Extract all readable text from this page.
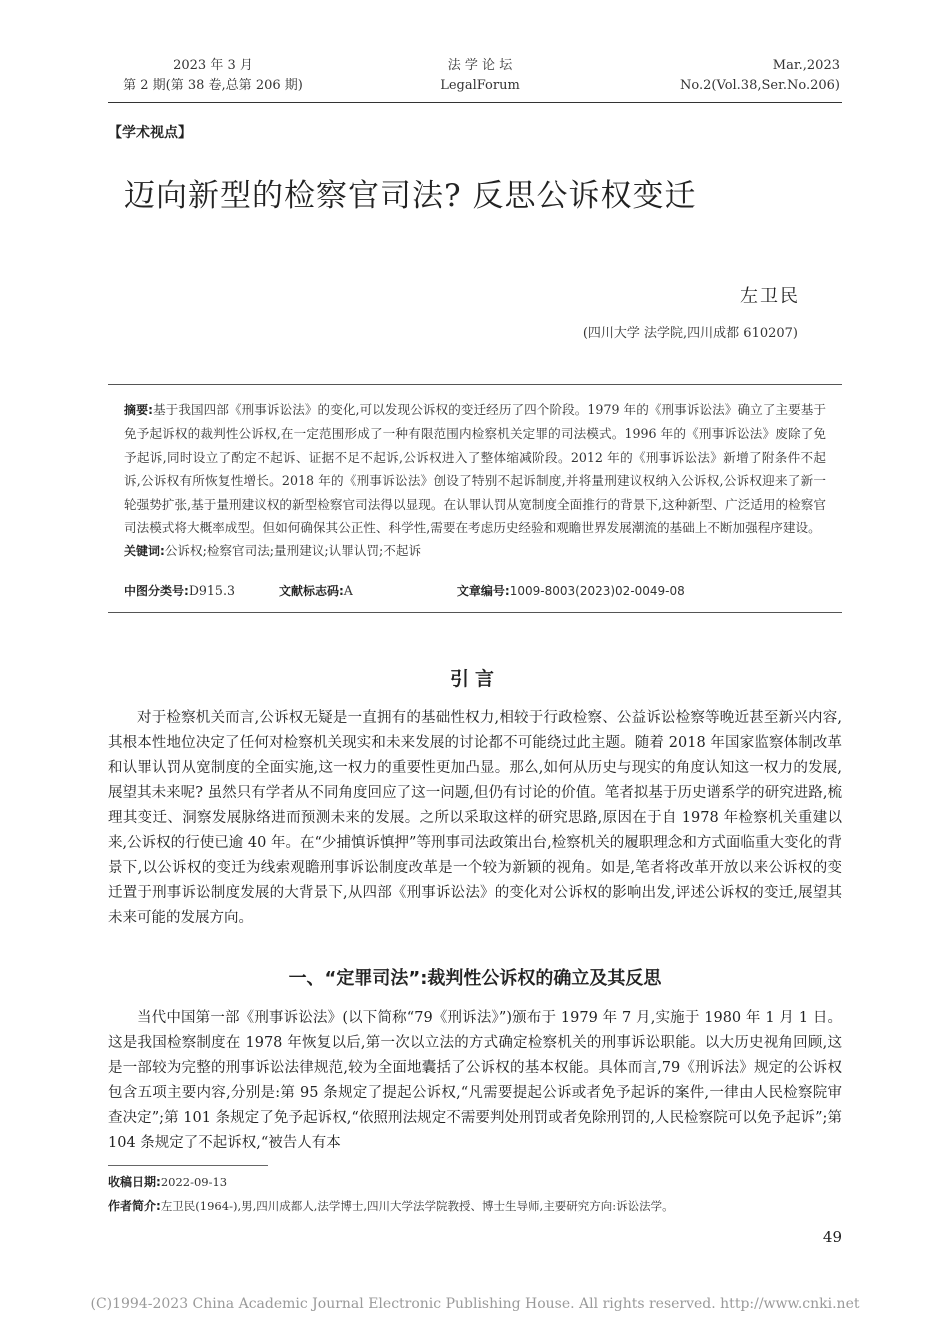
2023 年 3 月
第 2 期(第 38 卷,总第 206 期)
法 学 论 坛
LegalForum
Mar.,2023
No.2(Vol.38,Ser.No.206)
【学术视点】
迈向新型的检察官司法? 反思公诉权变迁
左卫民
(四川大学 法学院,四川成都 610207)
摘要:基于我国四部《刑事诉讼法》的变化,可以发现公诉权的变迁经历了四个阶段。1979 年的《刑事诉讼法》确立了主要基于免予起诉权的裁判性公诉权,在一定范围形成了一种有限范围内检察机关定罪的司法模式。1996 年的《刑事诉讼法》废除了免予起诉,同时设立了酌定不起诉、证据不足不起诉,公诉权进入了整体缩减阶段。2012 年的《刑事诉讼法》新增了附条件不起诉,公诉权有所恢复性增长。2018 年的《刑事诉讼法》创设了特别不起诉制度,并将量刑建议权纳入公诉权,公诉权迎来了新一轮强势扩张,基于量刑建议权的新型检察官司法得以显现。在认罪认罚从宽制度全面推行的背景下,这种新型、广泛适用的检察官司法模式将大概率成型。但如何确保其公正性、科学性,需要在考虑历史经验和观瞻世界发展潮流的基础上不断加强程序建设。
关键词:公诉权;检察官司法;量刑建议;认罪认罚;不起诉
中图分类号:D915.3	文献标志码:A	文章编号:1009-8003(2023)02-0049-08
引言

对于检察机关而言,公诉权无疑是一直拥有的基础性权力,相较于行政检察、公益诉讼检察等晚近甚至新兴内容,其根本性地位决定了任何对检察机关现实和未来发展的讨论都不可能绕过此主题。随着 2018 年国家监察体制改革和认罪认罚从宽制度的全面实施,这一权力的重要性更加凸显。那么,如何从历史与现实的角度认知这一权力的发展,展望其未来呢? 虽然只有学者从不同角度回应了这一问题,但仍有讨论的价值。笔者拟基于历史谱系学的研究进路,梳理其变迁、洞察发展脉络进而预测未来的发展。之所以采取这样的研究思路,原因在于自 1978 年检察机关重建以来,公诉权的行使已逾 40 年。在“少捕慎诉慎押”等刑事司法政策出台,检察机关的履职理念和方式面临重大变化的背景下,以公诉权的变迁为线索观瞻刑事诉讼制度改革是一个较为新颖的视角。如是,笔者将改革开放以来公诉权的变迁置于刑事诉讼制度发展的大背景下,从四部《刑事诉讼法》的变化对公诉权的影响出发,评述公诉权的变迁,展望其未来可能的发展方向。

一、“定罪司法”:裁判性公诉权的确立及其反思

当代中国第一部《刑事诉讼法》(以下简称“79《刑诉法》”)颁布于 1979 年 7 月,实施于 1980 年 1 月 1 日。这是我国检察制度在 1978 年恢复以后,第一次以立法的方式确定检察机关的刑事诉讼职能。以大历史视角回顾,这是一部较为完整的刑事诉讼法律规范,较为全面地囊括了公诉权的基本权能。具体而言,79《刑诉法》规定的公诉权包含五项主要内容,分别是:第 95 条规定了提起公诉权,“凡需要提起公诉或者免予起诉的案件,一律由人民检察院审查决定”;第 101 条规定了免予起诉权,“依照刑法规定不需要判处刑罚或者免除刑罚的,人民检察院可以免予起诉”;第 104 条规定了不起诉权,“被告人有本

收稿日期:2022-09-13
作者简介:左卫民(1964-),男,四川成都人,法学博士,四川大学法学院教授、博士生导师,主要研究方向:诉讼法学。
49
(C)1994-2023 China Academic Journal Electronic Publishing House. All rights reserved. http://www.cnki.net
